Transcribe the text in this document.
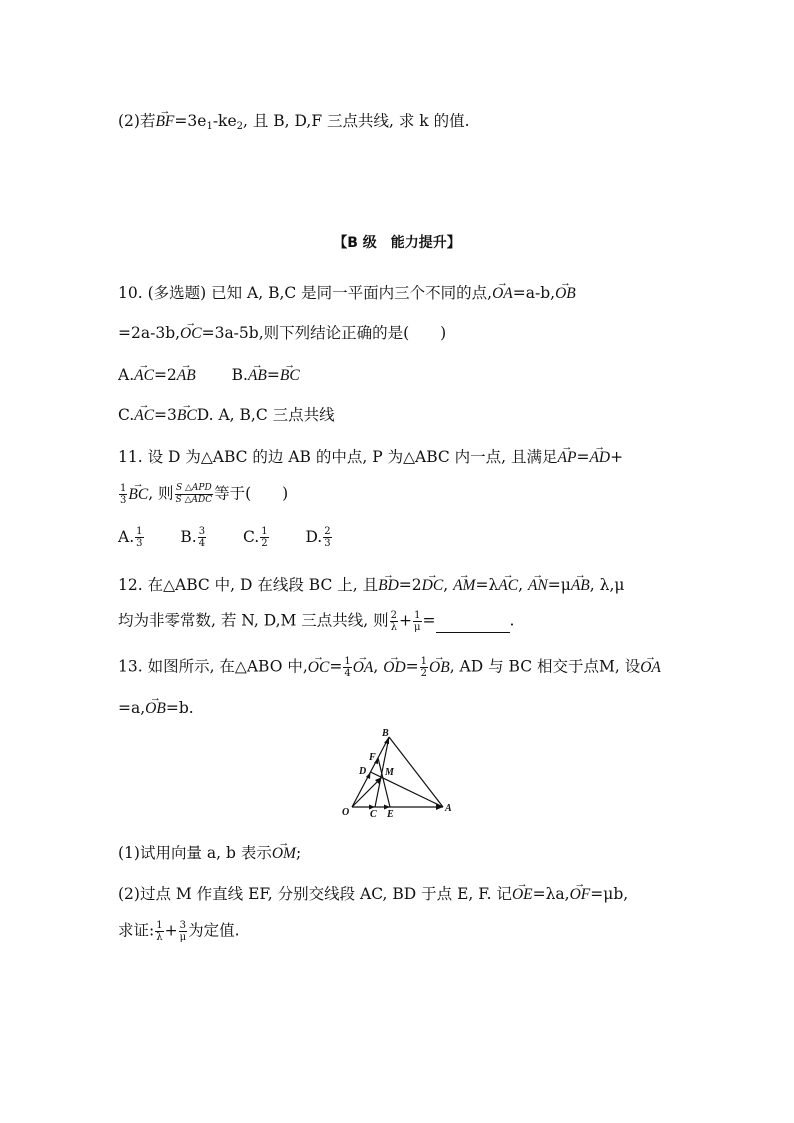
(2)若→ $BF=3e_1-ke_2$, 且 B, D,F 三点共线, 求 k 的值.
【B 级　能力提升】
10. (多选题) 已知 A, B,C 是同一平面内三个不同的点,→ OA=a-b,→ OB
=2a-3b,→ OC=3a-5b,则下列结论正确的是(　　)
A.→ AC=2→ AB B.→ AB=→ BC
C.→ AC=3→ BCD. A, B,C 三点共线
11. 设 D 为△ABC 的边 AB 的中点, P 为△ABC 内一点, 且满足→ AP=→ AD+
$\frac{1}{3}$ → BC, 则 $\frac{\text{S △APD}}{\text{S △ADC}}$ 等于(　　)
A. $\frac{1}{3} B$. $\frac{3}{4} C$. $\frac{1}{2} D$. $\frac{2}{3}$
12. 在△ABC 中, D 在线段 BC 上, 且→ BD=2→ DC, → AM=λ→ AC, → AN=μ→ AB, λ,μ
均为非零常数, 若 N, D,M 三点共线, 则 $\frac{2}{\lambda} + \frac{1}{\mu}$ =	.
13. 如图所示, 在△ABO 中,→ $OC= \frac{1}{4}$ → OA, → $OD= \frac{1}{2}$ → OB, AD 与 BC 相交于点M, 设→ OA
=a,→ OB=b.
B
F
D M
O C E
A
(1)试用向量 a, b 表示→ OM;
(2)过点 M 作直线 EF, 分别交线段 AC, BD 于点 E, F. 记→ OE=λa,→ OF=μb,
求证: $\frac{1}{\lambda} + \frac{3}{\mu}$ 为定值.
